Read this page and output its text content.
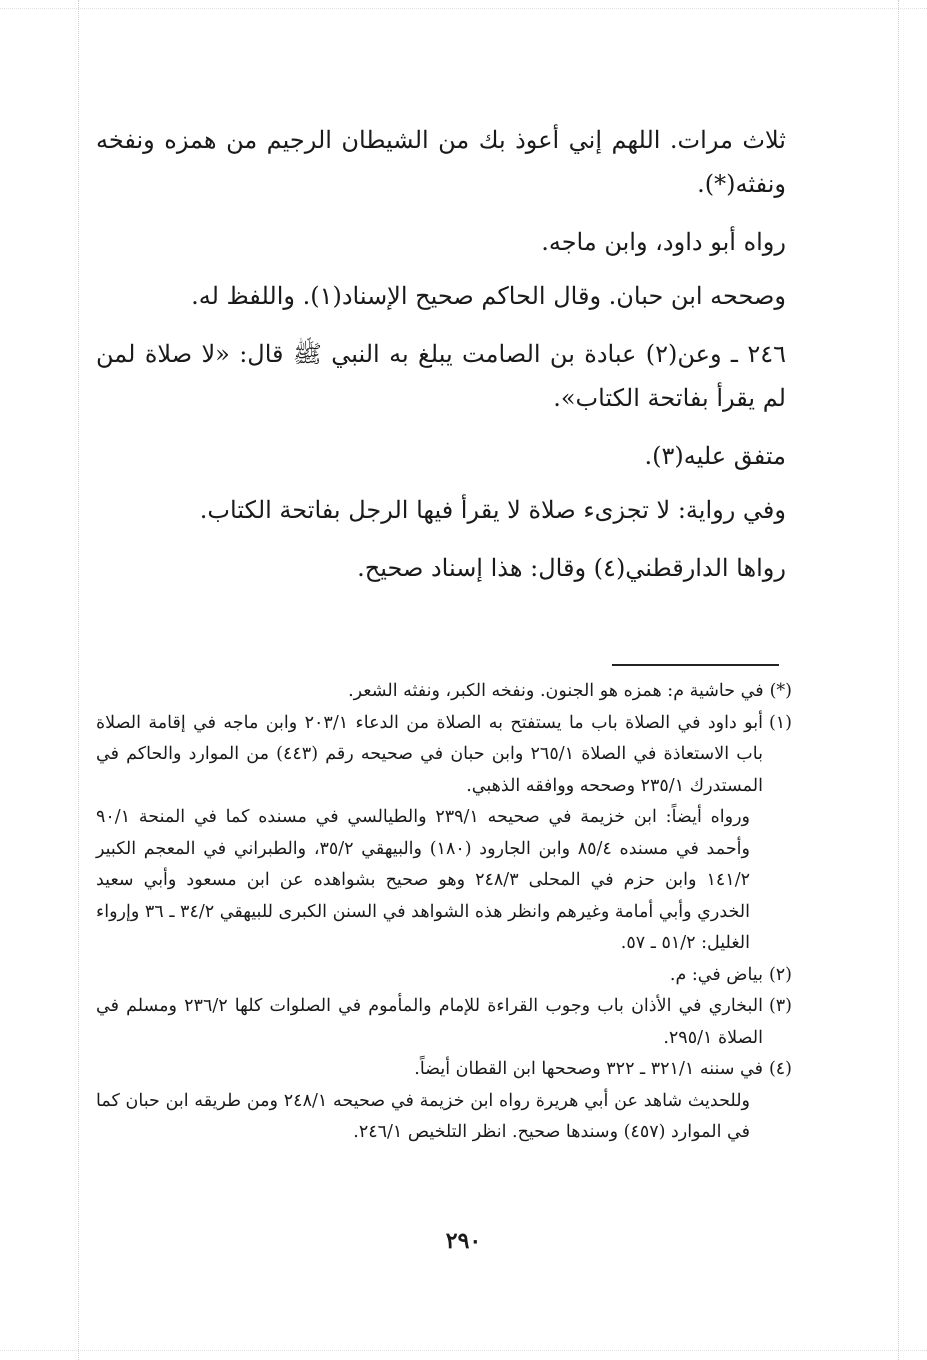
ثلاث مرات. اللهم إني أعوذ بك من الشيطان الرجيم من همزه ونفخه ونفثه(*).

رواه أبو داود، وابن ماجه.

وصححه ابن حبان. وقال الحاكم صحيح الإسناد(١). واللفظ له.

٢٤٦ ـ وعن(٢) عبادة بن الصامت يبلغ به النبي ﷺ قال: «لا صلاة لمن لم يقرأ بفاتحة الكتاب».

متفق عليه(٣).

وفي رواية: لا تجزىء صلاة لا يقرأ فيها الرجل بفاتحة الكتاب.

رواها الدارقطني(٤) وقال: هذا إسناد صحيح.

(*)
في حاشية م: همزه هو الجنون. ونفخه الكبر، ونفثه الشعر.
(١)
أبو داود في الصلاة باب ما يستفتح به الصلاة من الدعاء ٢٠٣/١ وابن ماجه في إقامة الصلاة باب الاستعاذة في الصلاة ٢٦٥/١ وابن حبان في صحيحه رقم (٤٤٣) من الموارد والحاكم في المستدرك ٢٣٥/١ وصححه ووافقه الذهبي.
ورواه أيضاً: ابن خزيمة في صحيحه ٢٣٩/١ والطيالسي في مسنده كما في المنحة ٩٠/١ وأحمد في مسنده ٨٥/٤ وابن الجارود (١٨٠) والبيهقي ٣٥/٢، والطبراني في المعجم الكبير ١٤١/٢ وابن حزم في المحلى ٢٤٨/٣ وهو صحيح بشواهده عن ابن مسعود وأبي سعيد الخدري وأبي أمامة وغيرهم وانظر هذه الشواهد في السنن الكبرى للبيهقي ٣٤/٢ ـ ٣٦ وإرواء الغليل: ٥١/٢ ـ ٥٧.
(٢)
بياض في: م.
(٣)
البخاري في الأذان باب وجوب القراءة للإمام والمأموم في الصلوات كلها ٢٣٦/٢ ومسلم في الصلاة ٢٩٥/١.
(٤)
في سننه ٣٢١/١ ـ ٣٢٢ وصححها ابن القطان أيضاً.
وللحديث شاهد عن أبي هريرة رواه ابن خزيمة في صحيحه ٢٤٨/١ ومن طريقه ابن حبان كما في الموارد (٤٥٧) وسندها صحيح. انظر التلخيص ٢٤٦/١.
٢٩٠
